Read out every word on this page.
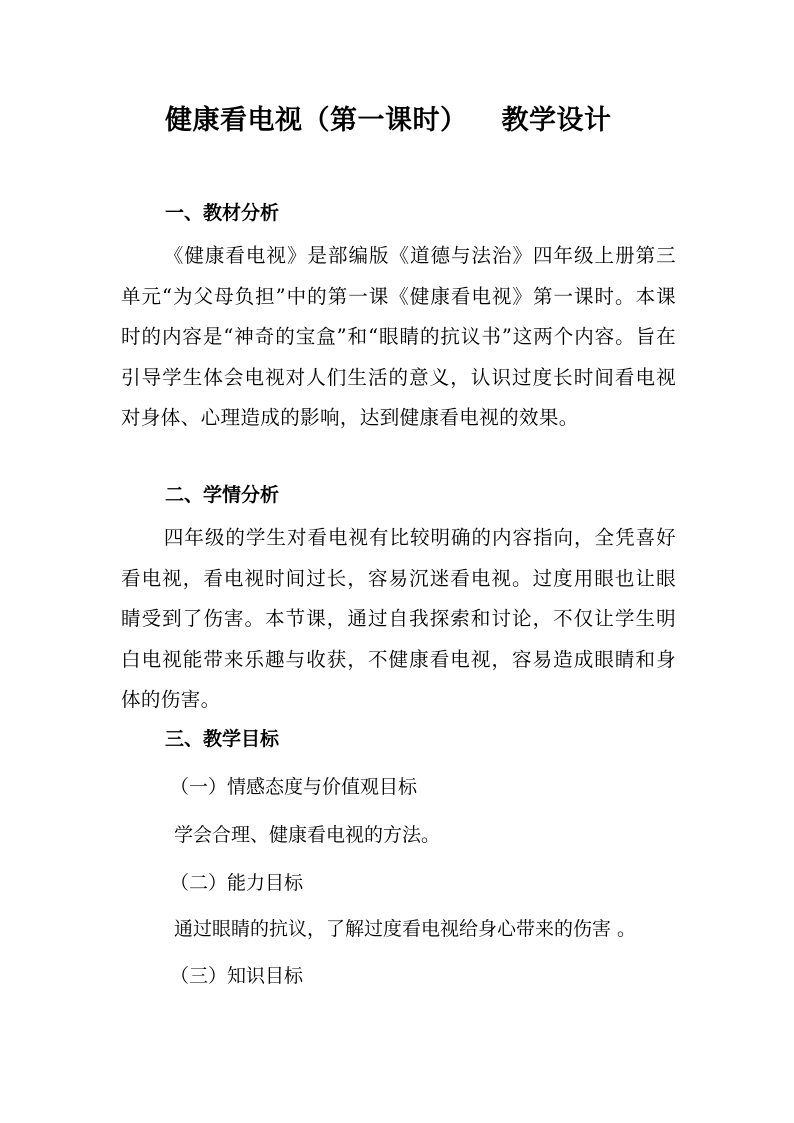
健康看电视（第一课时） 教学设计
一、教材分析
《健康看电视》是部编版《道德与法治》四年级上册第三单元“为父母负担”中的第一课《健康看电视》第一课时。本课时的内容是“神奇的宝盒”和“眼睛的抗议书”这两个内容。旨在引导学生体会电视对人们生活的意义，认识过度长时间看电视对身体、心理造成的影响，达到健康看电视的效果。
二、学情分析
四年级的学生对看电视有比较明确的内容指向，全凭喜好看电视，看电视时间过长，容易沉迷看电视。过度用眼也让眼睛受到了伤害。本节课，通过自我探索和讨论，不仅让学生明白电视能带来乐趣与收获，不健康看电视，容易造成眼睛和身体的伤害。
三、教学目标
（一）情感态度与价值观目标
学会合理、健康看电视的方法。
（二）能力目标
通过眼睛的抗议，了解过度看电视给身心带来的伤害 。
（三）知识目标
